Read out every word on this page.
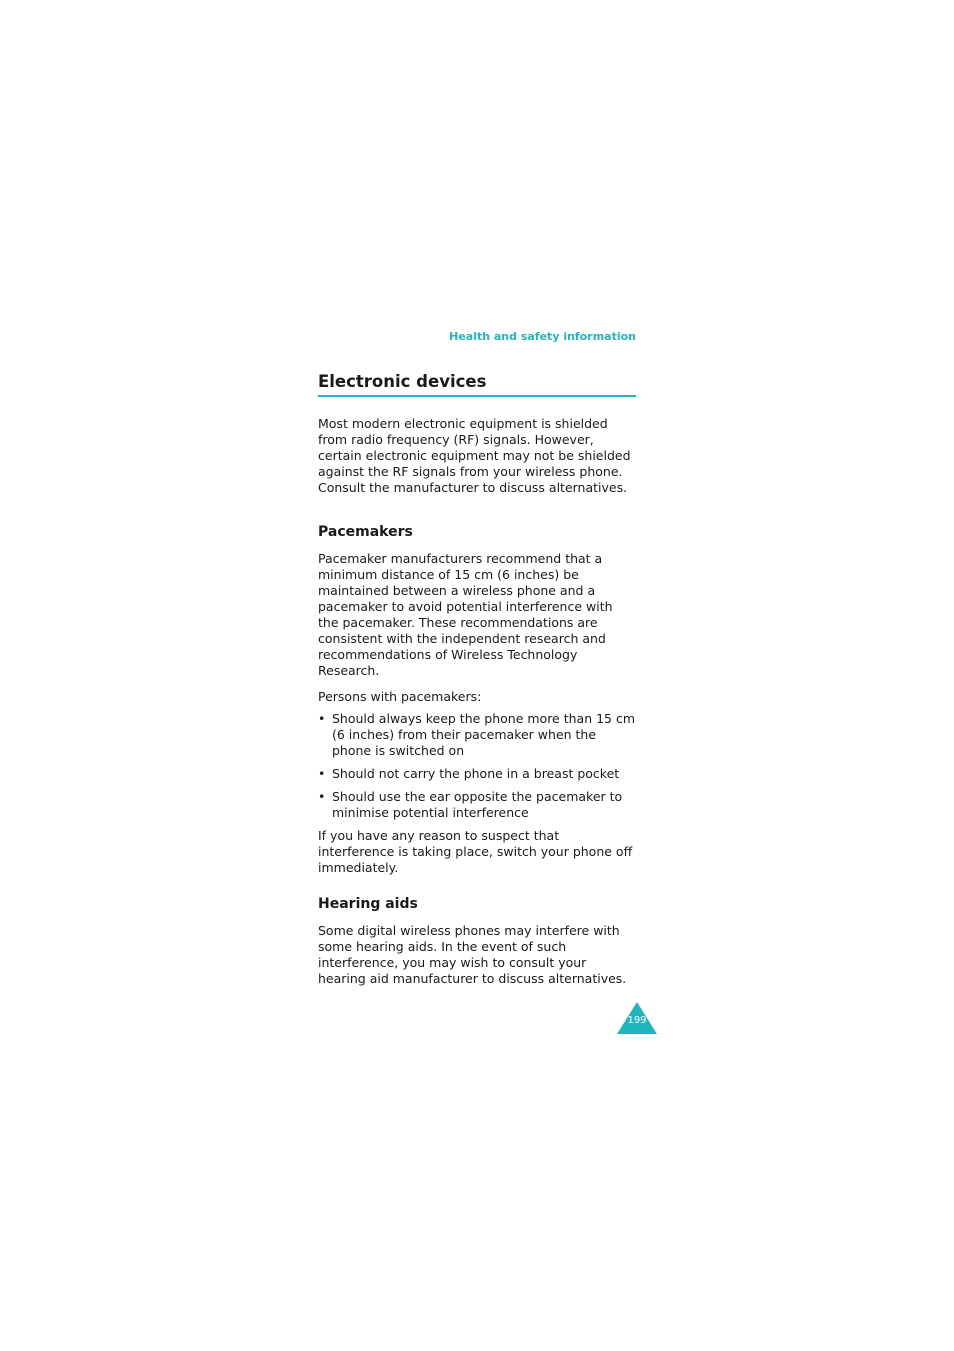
Health and safety information
Electronic devices

Most modern electronic equipment is shielded from radio frequency (RF) signals. However, certain electronic equipment may not be shielded against the RF signals from your wireless phone. Consult the manufacturer to discuss alternatives.

Pacemakers

Pacemaker manufacturers recommend that a minimum distance of 15 cm (6 inches) be maintained between a wireless phone and a pacemaker to avoid potential interference with the pacemaker. These recommendations are consistent with the independent research and recommendations of Wireless Technology Research.

Persons with pacemakers:

• Should always keep the phone more than 15 cm (6 inches) from their pacemaker when the phone is switched on
• Should not carry the phone in a breast pocket
• Should use the ear opposite the pacemaker to minimise potential interference

If you have any reason to suspect that interference is taking place, switch your phone off immediately.

Hearing aids

Some digital wireless phones may interfere with some hearing aids. In the event of such interference, you may wish to consult your hearing aid manufacturer to discuss alternatives.

199
